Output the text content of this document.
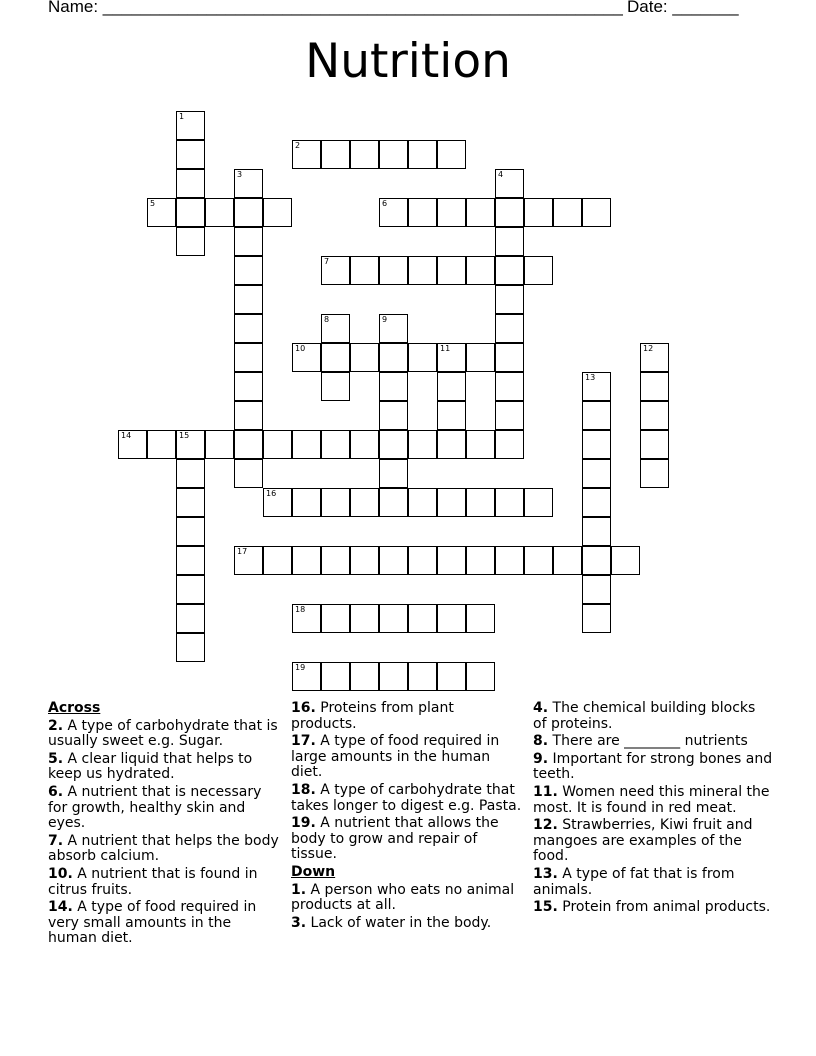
Name: _______________________________________________________ Date: _______
Nutrition
1
2
3	4
5	6
7
8	9
10	11	12
13
14	15
16
17
18
19
Across
2. A type of carbohydrate that is usually sweet e.g. Sugar.
5. A clear liquid that helps to keep us hydrated.
6. A nutrient that is necessary for growth, healthy skin and eyes.
7. A nutrient that helps the body absorb calcium.
10. A nutrient that is found in citrus fruits.
14. A type of food required in very small amounts in the human diet.
16. Proteins from plant products.
17. A type of food required in large amounts in the human diet.
18. A type of carbohydrate that takes longer to digest e.g. Pasta.
19. A nutrient that allows the body to grow and repair of tissue.
Down
1. A person who eats no animal products at all.
3. Lack of water in the body.
4. The chemical building blocks of proteins.
8. There are ________ nutrients
9. Important for strong bones and teeth.
11. Women need this mineral the most. It is found in red meat.
12. Strawberries, Kiwi fruit and mangoes are examples of the food.
13. A type of fat that is from animals.
15. Protein from animal products.
